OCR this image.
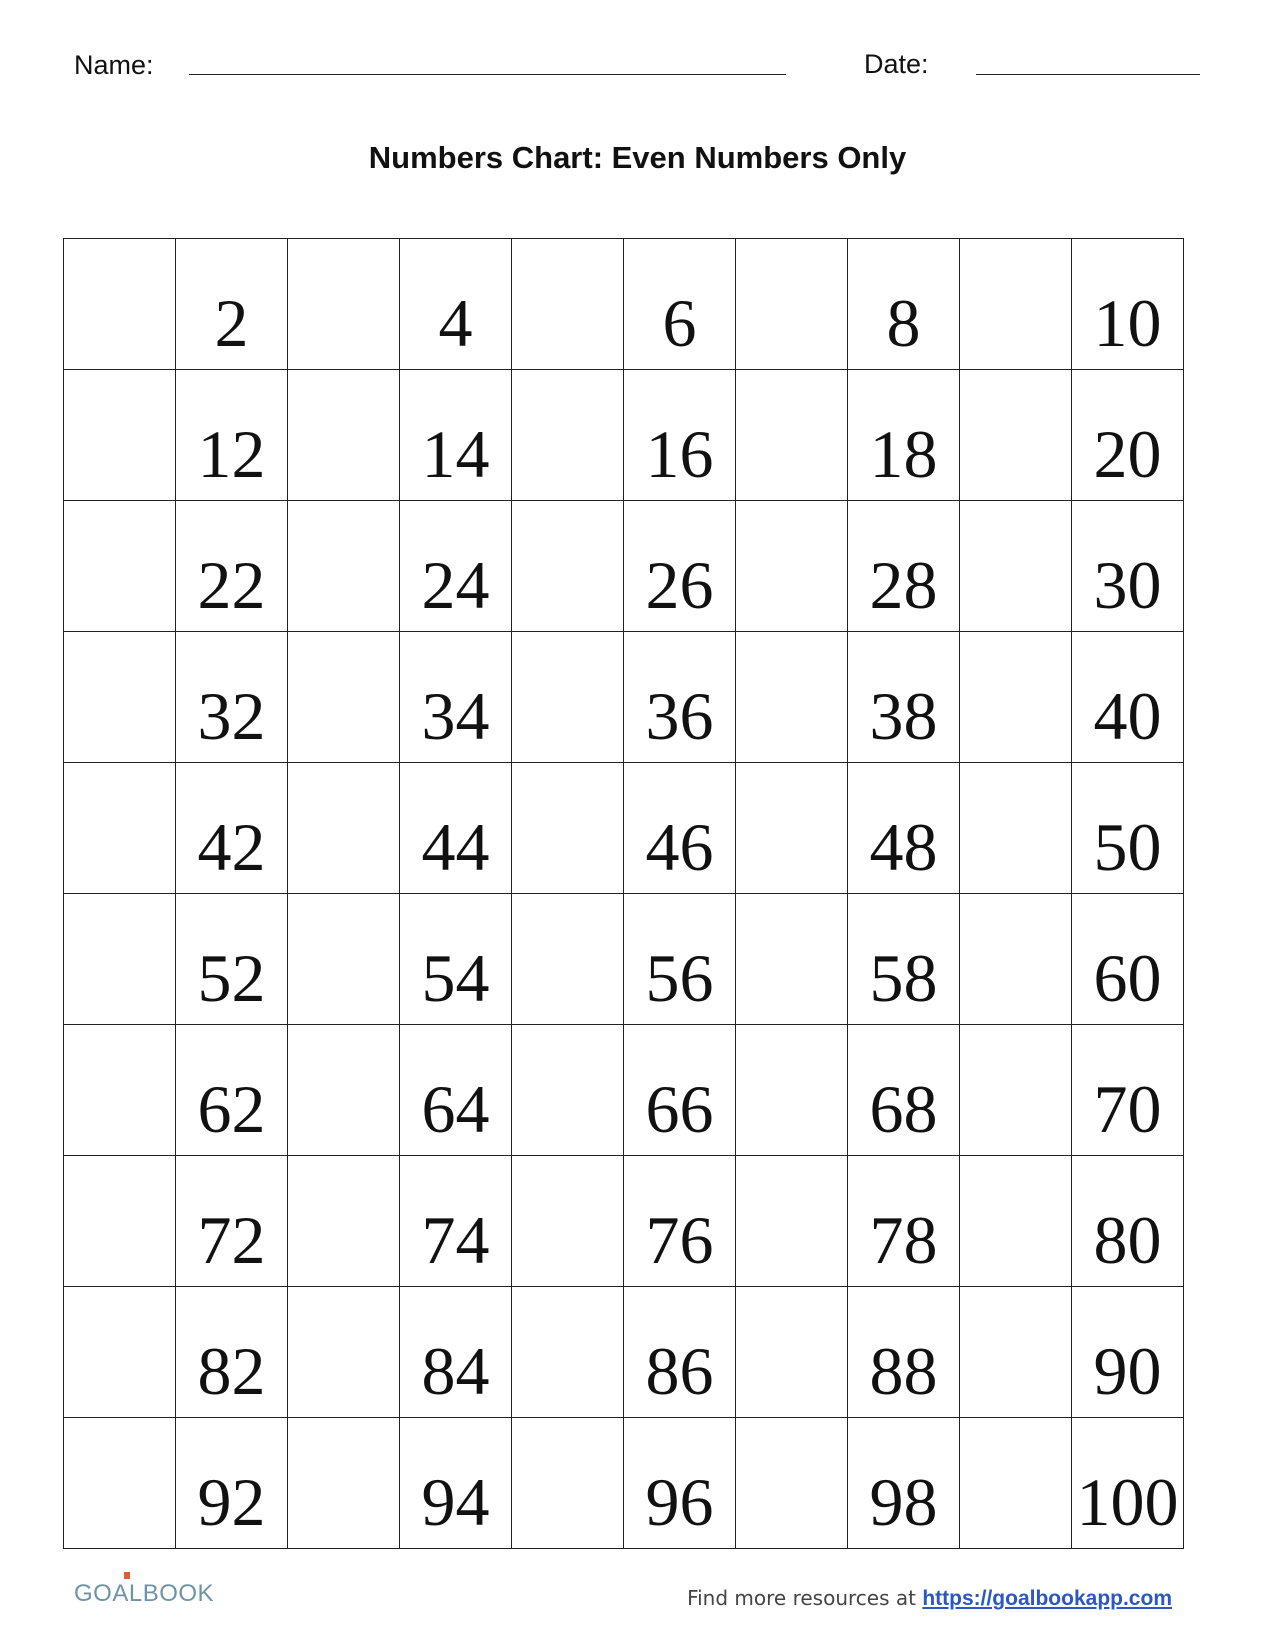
Name:	Date:
Numbers Chart: Even Numbers Only
	2		4		6		8		10
	12		14		16		18		20
	22		24		26		28		30
	32		34		36		38		40
	42		44		46		48		50
	52		54		56		58		60
	62		64		66		68		70
	72		74		76		78		80
	82		84		86		88		90
	92		94		96		98		100
GOALBOOK	Find more resources at https://goalbookapp.com
